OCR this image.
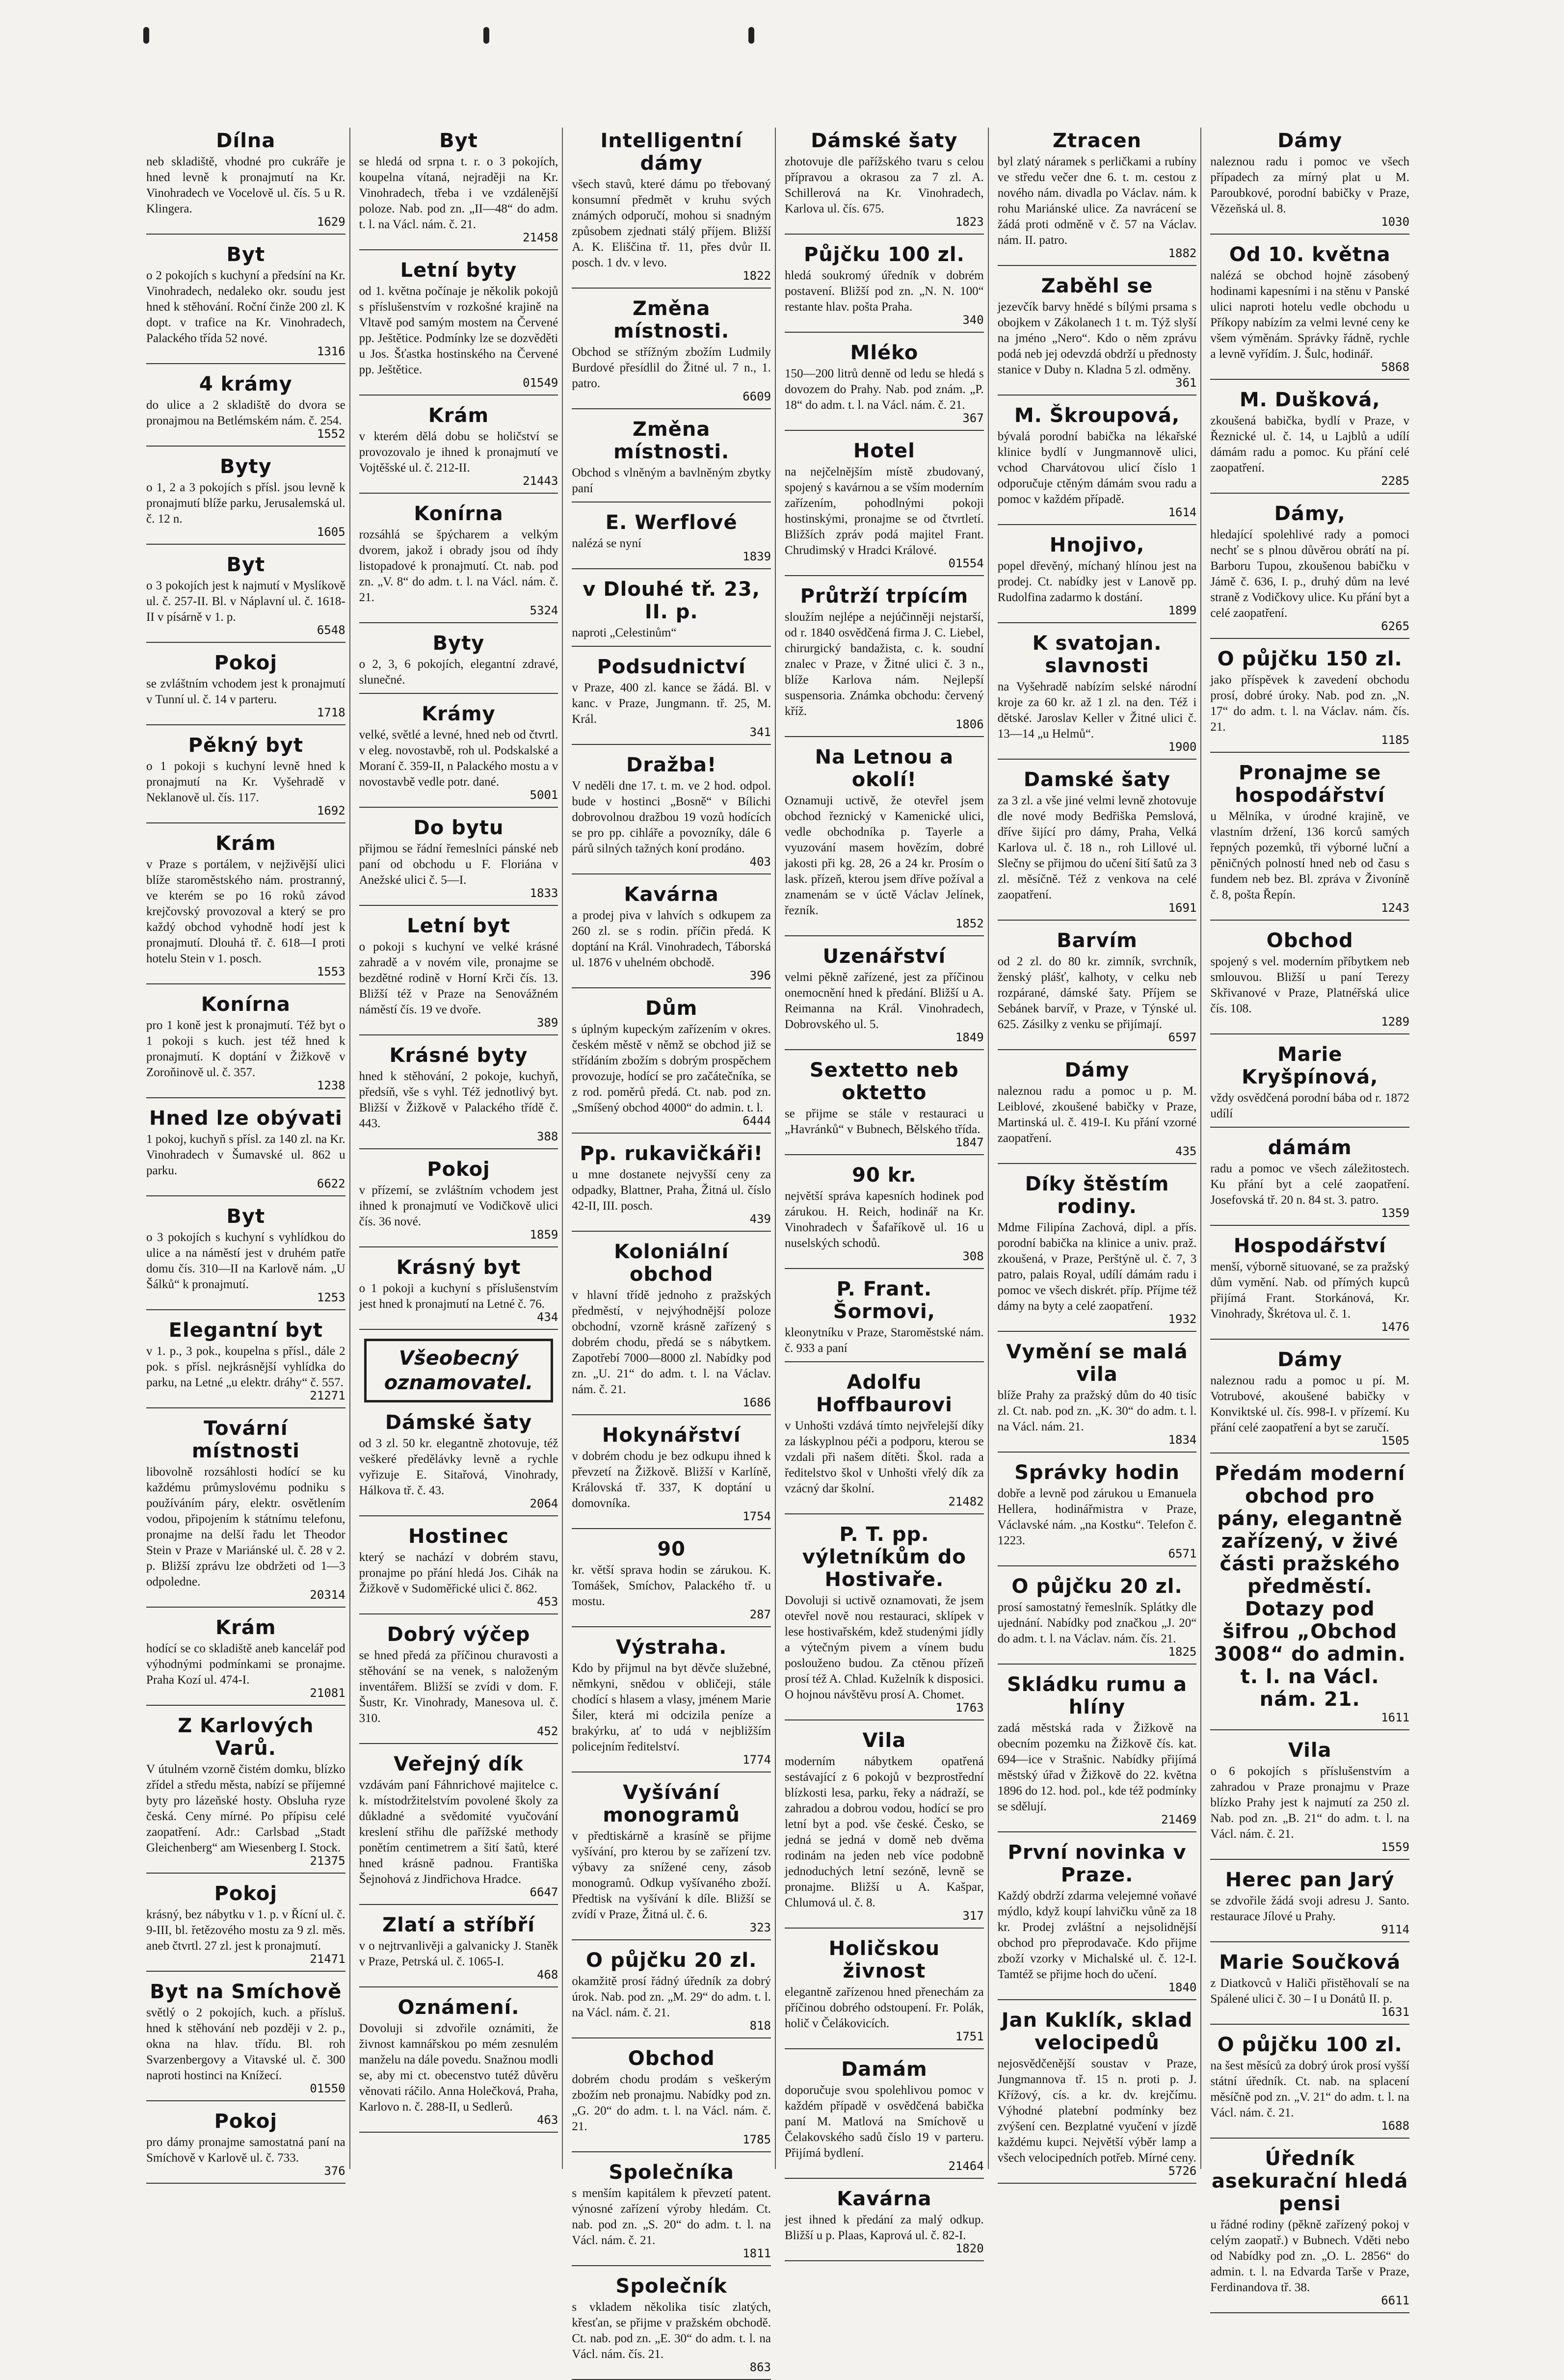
Dílna

neb skladiště, vhodné pro cukráře je hned levně k pronajmutí na Kr. Vinohradech ve Vocelově ul. čís. 5 u R. Klingera.

1629
Byt

o 2 pokojích s kuchyní a předsíní na Kr. Vinohradech, nedaleko okr. soudu jest hned k stěhování. Roční činže 200 zl. K dopt. v trafice na Kr. Vinohradech, Palackého třída 52 nové.

1316
4 krámy

do ulice a 2 skladiště do dvora se pronajmou na Betlémském nám. č. 254.

1552
Byty

o 1, 2 a 3 pokojích s přísl. jsou levně k pronajmutí blíže parku, Jerusalemská ul. č. 12 n.

1605
Byt

o 3 pokojích jest k najmutí v Myslíkově ul. č. 257-II. Bl. v Náplavní ul. č. 1618-II v písárně v 1. p.

6548
Pokoj

se zvláštním vchodem jest k pronajmutí v Tunní ul. č. 14 v parteru.

1718
Pěkný byt

o 1 pokoji s kuchyní levně hned k pronajmutí na Kr. Vyšehradě v Neklanově ul. čís. 117.

1692
Krám

v Praze s portálem, v nejživější ulici blíže staroměstského nám. prostranný, ve kterém se po 16 roků závod krejčovský provozoval a který se pro každý obchod vyhodně hodí jest k pronajmutí. Dlouhá tř. č. 618—I proti hotelu Stein v 1. posch.

1553
Konírna

pro 1 koně jest k pronajmutí. Též byt o 1 pokoji s kuch. jest též hned k pronajmutí. K doptání v Žižkově v Zoroňinově ul. č. 357.

1238
Hned lze obývati

1 pokoj, kuchyň s přísl. za 140 zl. na Kr. Vinohradech v Šumavské ul. 862 u parku.

6622
Byt

o 3 pokojích s kuchyní s vyhlídkou do ulice a na náměstí jest v druhém patře domu čís. 310—II na Karlově nám. „U Šálků“ k pronajmutí.

1253
Elegantní byt

v 1. p., 3 pok., koupelna s přísl., dále 2 pok. s přísl. nejkrásnější vyhlídka do parku, na Letné „u elektr. dráhy“ č. 557.

21271
Tovární místnosti

libovolně rozsáhlosti hodící se ku každému průmyslovému podniku s používáním páry, elektr. osvětlením vodou, připojením k státnímu telefonu, pronajme na delší řadu let Theodor Stein v Praze v Mariánské ul. č. 28 v 2. p. Bližší zprávu lze obdržeti od 1—3 odpoledne.

20314
Krám

hodící se co skladiště aneb kancelář pod výhodnými podmínkami se pronajme. Praha Kozí ul. 474-I.

21081
Z Karlových Varů.

V útulném vzorně čistém domku, blízko zřídel a středu města, nabízí se příjemné byty pro lázeňské hosty. Obsluha ryze česká. Ceny mírné. Po přípisu celé zaopatření. Adr.: Carlsbad „Stadt Gleichenberg“ am Wiesenberg I. Stock.

21375
Pokoj

krásný, bez nábytku v 1. p. v Řícní ul. č. 9-III, bl. řetězového mostu za 9 zl. měs. aneb čtvrtl. 27 zl. jest k pronajmutí.

21471
Byt na Smíchově

světlý o 2 pokojích, kuch. a přísluš. hned k stěhování neb později v 2. p., okna na hlav. třídu. Bl. roh Svarzenbergovy a Vitavské ul. č. 300 naproti hostinci na Knížecí.

01550
Pokoj

pro dámy pronajme samostatná paní na Smíchově v Karlově ul. č. 733.

376
Byt

se hledá od srpna t. r. o 3 pokojích, koupelna vítaná, nejraději na Kr. Vinohradech, třeba i ve vzdálenější poloze. Nab. pod zn. „II—48“ do adm. t. l. na Václ. nám. č. 21.

21458
Letní byty

od 1. května počínaje je několik pokojů s příslušenstvím v rozkošné krajině na Vltavě pod samým mostem na Červené pp. Ještětice. Podmínky lze se dozvěděti u Jos. Šťastka hostinského na Červené pp. Ještětice.

01549
Krám

v kterém dělá dobu se holičství se provozovalo je ihned k pronajmutí ve Vojtěšské ul. č. 212-II.

21443
Konírna

rozsáhlá se špýcharem a velkým dvorem, jakož i obrady jsou od íhdy listopadové k pronajmutí. Ct. nab. pod zn. „V. 8“ do adm. t. l. na Václ. nám. č. 21.

5324
Byty

o 2, 3, 6 pokojích, elegantní zdravé, slunečné.

Krámy

velké, světlé a levné, hned neb od čtvrtl. v eleg. novostavbě, roh ul. Podskalské a Moraní č. 359-II, n Palackého mostu a v novostavbě vedle potr. dané.

5001
Do bytu

přijmou se řádní řemeslníci pánské neb paní od obchodu u F. Floriána v Anežské ulici č. 5—I.

1833
Letní byt

o pokoji s kuchyní ve velké krásné zahradě a v novém vile, pronajme se bezdětné rodině v Horní Krči čís. 13. Bližší též v Praze na Senovážném náměstí čís. 19 ve dvoře.

389
Krásné byty

hned k stěhování, 2 pokoje, kuchyň, předsíň, vše s vyhl. Též jednotlivý byt. Bližší v Žižkově v Palackého třídě č. 443.

388
Pokoj

v přízemí, se zvláštním vchodem jest ihned k pronajmutí ve Vodičkově ulici čís. 36 nové.

1859
Krásný byt

o 1 pokoji a kuchyní s příslušenstvím jest hned k pronajmutí na Letné č. 76.

434
Všeobecný oznamovatel.
Dámské šaty

od 3 zl. 50 kr. elegantně zhotovuje, též veškeré předělávky levně a rychle vyřizuje E. Sitařová, Vinohrady, Hálkova tř. č. 43.

2064
Hostinec

který se nachází v dobrém stavu, pronajme po přání hledá Jos. Cihák na Žižkově v Sudoměřické ulici č. 862.

453
Dobrý výčep

se hned předá za příčinou churavosti a stěhování se na venek, s naloženým inventářem. Bližší se zvídi v dom. F. Šustr, Kr. Vinohrady, Manesova ul. č. 310.

452
Veřejný dík

vzdávám paní Fáhnrichové majitelce c. k. místodržitelstvím povolené školy za důkladné a svědomité vyučování kreslení střihu dle pařížské methody ponětím centimetrem a šití šatů, které hned krásně padnou. Františka Šejnohová z Jindřichova Hradce.

6647
Zlatí a stříbří

v o nejtrvanlivěji a galvanicky J. Staněk v Praze, Petrská ul. č. 1065-I.

468
Oznámení.

Dovoluji si zdvořile oznámiti, že živnost kamnářskou po mém zesnulém manželu na dále povedu. Snažnou modli se, aby mi ct. obecenstvo tutéž důvěru věnovati ráčilo. Anna Holečková, Praha, Karlovo n. č. 288-II, u Sedlerů.

463
Intelligentní dámy

všech stavů, které dámu po třebovaný konsumní předmět v kruhu svých známých odporučí, mohou si snadným způsobem zjednati stálý příjem. Bližší A. K. Eliščina tř. 11, přes dvůr II. posch. 1 dv. v levo.

1822
Změna místnosti.

Obchod se střížným zbožím Ludmily Burdové přesídlil do Žitné ul. 7 n., 1. patro.

6609
Změna místnosti.

Obchod s vlněným a bavlněným zbytky paní

E. Werflové

nalézá se nyní

1839
v Dlouhé tř. 23, II. p.

naproti „Celestinům“

Podsudnictví

v Praze, 400 zl. kance se žádá. Bl. v kanc. v Praze, Jungmann. tř. 25, M. Král.

341
Dražba!

V neděli dne 17. t. m. ve 2 hod. odpol. bude v hostinci „Bosně“ v Bílichi dobrovolnou dražbou 19 vozů hodících se pro pp. cihláře a povozníky, dále 6 párů silných tažných koní prodáno.

403
Kavárna

a prodej piva v lahvích s odkupem za 260 zl. se s rodin. příčin předá. K doptání na Král. Vinohradech, Táborská ul. 1876 v uhelném obchodě.

396
Dům

s úplným kupeckým zařízením v okres. českém městě v němž se obchod již se střídáním zbožím s dobrým prospěchem provozuje, hodící se pro začátečníka, se z rod. poměrů předá. Ct. nab. pod zn. „Smíšený obchod 4000“ do admin. t. l.

6444
Pp. rukavičkáři!

u mne dostanete nejvyšší ceny za odpadky, Blattner, Praha, Žitná ul. číslo 42-II, III. posch.

439
Koloniální obchod

v hlavní třídě jednoho z pražských předměstí, v nejvýhodnější poloze obchodní, vzorně krásně zařízený s dobrém chodu, předá se s nábytkem. Zapotřebí 7000—8000 zl. Nabídky pod zn. „U. 21“ do adm. t. l. na Václav. nám. č. 21.

1686
Hokynářství

v dobrém chodu je bez odkupu ihned k převzetí na Žižkově. Bližší v Karlíně, Královská tř. 337, K doptání u domovníka.

1754
90

kr. větší sprava hodin se zárukou. K. Tomášek, Smíchov, Palackého tř. u mostu.

287
Výstraha.

Kdo by přijmul na byt děvče služebné, němkyni, snědou v obličeji, stále chodící s hlasem a vlasy, jménem Marie Šiler, která mi odcizila peníze a brakýrku, ať to udá v nejbližším policejním ředitelství.

1774
Vyšívání monogramů

v předtiskárně a krasíně se přijme vyšívání, pro kterou by se zařízení tzv. výbavy za snížené ceny, zásob monogramů. Odkup vyšívaného zboží. Předtisk na vyšívání k díle. Bližší se zvídí v Praze, Žitná ul. č. 6.

323
O půjčku 20 zl.

okamžitě prosí řádný úředník za dobrý úrok. Nab. pod zn. „M. 29“ do adm. t. l. na Václ. nám. č. 21.

818
Obchod

dobrém chodu prodám s veškerým zbožím neb pronajmu. Nabídky pod zn. „G. 20“ do adm. t. l. na Václ. nám. č. 21.

1785
Společníka

s menším kapitálem k převzetí patent. výnosné zařízení výroby hledám. Ct. nab. pod zn. „S. 20“ do adm. t. l. na Václ. nám. č. 21.

1811
Společník

s vkladem několika tisíc zlatých, křesťan, se přijme v pražském obchodě. Ct. nab. pod zn. „E. 30“ do adm. t. l. na Václ. nám. čís. 21.

863
Dámské šaty

zhotovuje dle pařížského tvaru s celou přípravou a okrasou za 7 zl. A. Schillerová na Kr. Vinohradech, Karlova ul. čís. 675.

1823
Půjčku 100 zl.

hledá soukromý úředník v dobrém postavení. Bližší pod zn. „N. N. 100“ restante hlav. pošta Praha.

340
Mléko

150—200 litrů denně od ledu se hledá s dovozem do Prahy. Nab. pod znám. „P. 18“ do adm. t. l. na Václ. nám. č. 21.

367
Hotel

na nejčelnějším místě zbudovaný, spojený s kavárnou a se vším moderním zařízením, pohodlnými pokoji hostinskými, pronajme se od čtvrtletí. Bližších zpráv podá majitel Frant. Chrudimský v Hradci Králové.

01554
Průtrží trpícím

sloužím nejlépe a nejúčinněji nejstarší, od r. 1840 osvědčená firma J. C. Liebel, chirurgický bandažista, c. k. soudní znalec v Praze, v Žitné ulici č. 3 n., blíže Karlova nám. Nejlepší suspensoria. Známka obchodu: červený kříž.

1806
Na Letnou a okolí!

Oznamuji uctivě, že otevřel jsem obchod řeznický v Kamenické ulici, vedle obchodníka p. Tayerle a vyuzování masem hovězím, dobré jakosti při kg. 28, 26 a 24 kr. Prosím o lask. přízeň, kterou jsem dříve požíval a znamenám se v úctě Václav Jelínek, řezník.

1852
Uzenářství

velmi pěkně zařízené, jest za příčinou onemocnění hned k předání. Bližší u A. Reimanna na Král. Vinohradech, Dobrovského ul. 5.

1849
Sextetto neb oktetto

se přijme se stále v restauraci u „Havránků“ v Bubnech, Bělského třída.

1847
90 kr.

největší správa kapesních hodinek pod zárukou. H. Reich, hodinář na Kr. Vinohradech v Šafaříkově ul. 16 u nuselských schodů.

308
P. Frant. Šormovi,

kleonytníku v Praze, Staroměstské nám. č. 933 a paní

Adolfu Hoffbaurovi

v Unhošti vzdává tímto nejvřelejší díky za láskyplnou péči a podporu, kterou se vzdali při našem dítěti. Škol. rada a ředitelstvo škol v Unhošti vřelý dík za vzácný dar školní.

21482
P. T. pp. výletníkům do Hostivaře.

Dovoluji si uctivě oznamovati, že jsem otevřel nově nou restauraci, sklípek v lese hostivařském, kdež studenými jídly a výtečným pivem a vínem budu poslouženo budou. Za ctěnou přízeň prosí též A. Chlad. Kuželník k disposici. O hojnou návštěvu prosí A. Chomet.

1763
Vila

moderním nábytkem opatřená sestávající z 6 pokojů v bezprostřední blízkosti lesa, parku, řeky a nádraží, se zahradou a dobrou vodou, hodící se pro letní byt a pod. vše české. Česko, se jedná se jedná v domě neb dvěma rodinám na jeden neb více podobně jednoduchých letní sezóně, levně se pronajme. Bližší u A. Kašpar, Chlumová ul. č. 8.

317
Holičskou živnost

elegantně zařízenou hned přenechám za příčinou dobrého odstoupení. Fr. Polák, holič v Čelákovicích.

1751
Damám

doporučuje svou spolehlivou pomoc v každém případě v osvědčená babička paní M. Matlová na Smíchově u Čelakovského sadů číslo 19 v parteru. Přijímá bydlení.

21464
Kavárna

jest ihned k předání za malý odkup. Bližší u p. Plaas, Kaprová ul. č. 82-I.

1820
Ztracen

byl zlatý náramek s perličkami a rubíny ve středu večer dne 6. t. m. cestou z nového nám. divadla po Václav. nám. k rohu Mariánské ulice. Za navrácení se žádá proti odměně v č. 57 na Václav. nám. II. patro.

1882
Zaběhl se

jezevčík barvy hnědé s bílými prsama s obojkem v Zákolanech 1 t. m. Týž slyší na jméno „Nero“. Kdo o něm zprávu podá neb jej odevzdá obdrží u přednosty stanice v Duby n. Kladna 5 zl. odměny.

361
M. Škroupová,

bývalá porodní babička na lékařské klinice bydlí v Jungmannově ulici, vchod Charvátovou ulicí číslo 1 odporučuje ctěným dámám svou radu a pomoc v každém případě.

1614
Hnojivo,

popel dřevěný, míchaný hlínou jest na prodej. Ct. nabídky jest v Lanově pp. Rudolfina zadarmo k dostání.

1899
K svatojan. slavnosti

na Vyšehradě nabízím selské národní kroje za 60 kr. až 1 zl. na den. Též i dětské. Jaroslav Keller v Žitné ulici č. 13—14 „u Helmů“.

1900
Damské šaty

za 3 zl. a vše jiné velmi levně zhotovuje dle nové mody Bedřiška Pemslová, dříve šijící pro dámy, Praha, Velká Karlova ul. č. 18 n., roh Lillové ul. Slečny se přijmou do učení šití šatů za 3 zl. měsíčně. Též z venkova na celé zaopatření.

1691
Barvím

od 2 zl. do 80 kr. zimník, svrchník, ženský plášť, kalhoty, v celku neb rozpárané, dámské šaty. Příjem se Sebánek barvíř, v Praze, v Týnské ul. 625. Zásilky z venku se přijímají.

6597
Dámy

naleznou radu a pomoc u p. M. Leiblové, zkoušené babičky v Praze, Martinská ul. č. 419-I. Ku přání vzorné zaopatření.

435
Díky štěstím rodiny.

Mdme Filipína Zachová, dipl. a přís. porodní babička na klinice a univ. praž. zkoušená, v Praze, Perštýně ul. č. 7, 3 patro, palais Royal, udílí dámám radu i pomoc ve všech diskrét. příp. Příjme též dámy na byty a celé zaopatření.

1932
Vymění se malá vila

blíže Prahy za pražský dům do 40 tisíc zl. Ct. nab. pod zn. „K. 30“ do adm. t. l. na Václ. nám. 21.

1834
Správky hodin

dobře a levně pod zárukou u Emanuela Hellera, hodinářmistra v Praze, Václavské nám. „na Kostku“. Telefon č. 1223.

6571
O půjčku 20 zl.

prosí samostatný řemeslník. Splátky dle ujednání. Nabídky pod značkou „J. 20“ do adm. t. l. na Václav. nám. čís. 21.

1825
Skládku rumu a hlíny

zadá městská rada v Žižkově na obecním pozemku na Žižkově čís. kat. 694—ice v Strašnic. Nabídky přijímá městský úřad v Žižkově do 22. května 1896 do 12. hod. pol., kde též podmínky se sdělují.

21469
První novinka v Praze.

Každý obdrží zdarma velejemné voňavé mýdlo, když koupí lahvičku vůně za 18 kr. Prodej zvláštní a nejsolidnější obchod pro přeprodavače. Kdo přijme zboží vzorky v Michalské ul. č. 12-I. Tamtéž se přijme hoch do učení.

1840
Jan Kuklík, sklad velocipedů

nejosvědčenější soustav v Praze, Jungmannova tř. 15 n. proti p. J. Křížový, cís. a kr. dv. krejčímu. Výhodné platební podmínky bez zvýšení cen. Bezplatné vyučení v jízdě každému kupci. Největší výběr lamp a všech velocipedních potřeb. Mírné ceny.

5726
Dámy

naleznou radu i pomoc ve všech případech za mírný plat u M. Paroubkové, porodní babičky v Praze, Vězeňská ul. 8.

1030
Od 10. května

nalézá se obchod hojně zásobený hodinami kapesními i na stěnu v Panské ulici naproti hotelu vedle obchodu u Příkopy nabízím za velmi levné ceny ke všem výměnám. Správky řádně, rychle a levně vyřídím. J. Šulc, hodinář.

5868
M. Dušková,

zkoušená babička, bydlí v Praze, v Řeznické ul. č. 14, u Lajblů a udílí dámám radu a pomoc. Ku přání celé zaopatření.

2285
Dámy,

hledající spolehlivé rady a pomoci nechť se s plnou důvěrou obrátí na pí. Barboru Tupou, zkoušenou babičku v Jámě č. 636, I. p., druhý dům na levé straně z Vodičkovy ulice. Ku přání byt a celé zaopatření.

6265
O půjčku 150 zl.

jako příspěvek k zavedení obchodu prosí, dobré úroky. Nab. pod zn. „N. 17“ do adm. t. l. na Václav. nám. čís. 21.

1185
Pronajme se hospodářství

u Mělníka, v úrodné krajině, ve vlastním držení, 136 korců samých řepných pozemků, tři výborné luční a pěničných polností hned neb od času s fundem neb bez. Bl. zpráva v Živoníně č. 8, pošta Řepín.

1243
Obchod

spojený s vel. moderním příbytkem neb smlouvou. Bližší u paní Terezy Skřivanové v Praze, Platnéřská ulice čís. 108.

1289
Marie Kryšpínová,

vždy osvědčená porodní bába od r. 1872 udílí

dámám

radu a pomoc ve všech záležitostech. Ku přání byt a celé zaopatření. Josefovská tř. 20 n. 84 st. 3. patro.

1359
Hospodářství

menší, výborně situované, se za pražský dům vymění. Nab. od přímých kupců přijímá Frant. Storkánová, Kr. Vinohrady, Škrétova ul. č. 1.

1476
Dámy

naleznou radu a pomoc u pí. M. Votrubové, akoušené babičky v Konviktské ul. čís. 998-I. v přízemí. Ku přání celé zaopatření a byt se zaručí.

1505
Předám moderní obchod pro pány, elegantně zařízený, v živé části pražského předměstí. Dotazy pod šifrou „Obchod 3008“ do admin. t. l. na Václ. nám. 21.
1611
Vila

o 6 pokojích s příslušenstvím a zahradou v Praze pronajmu v Praze blízko Prahy jest k najmutí za 250 zl. Nab. pod zn. „B. 21“ do adm. t. l. na Václ. nám. č. 21.

1559
Herec pan Jarý

se zdvořile žádá svoji adresu J. Santo. restaurace Jílové u Prahy.

9114
Marie Součková

z Diatkovců v Haliči přistěhovalí se na Spálené ulici č. 30 – I u Donátů II. p.

1631
O půjčku 100 zl.

na šest měsíců za dobrý úrok prosí vyšší státní úředník. Ct. nab. na splacení měsíčně pod zn. „V. 21“ do adm. t. l. na Václ. nám. č. 21.

1688
Úředník asekurační hledá pensi

u řádné rodiny (pěkně zařízený pokoj v celým zaopatř.) v Bubnech. Vděti nebo od Nabídky pod zn. „O. L. 2856“ do admin. t. l. na Edvarda Tarše v Praze, Ferdinandova tř. 38.

6611
